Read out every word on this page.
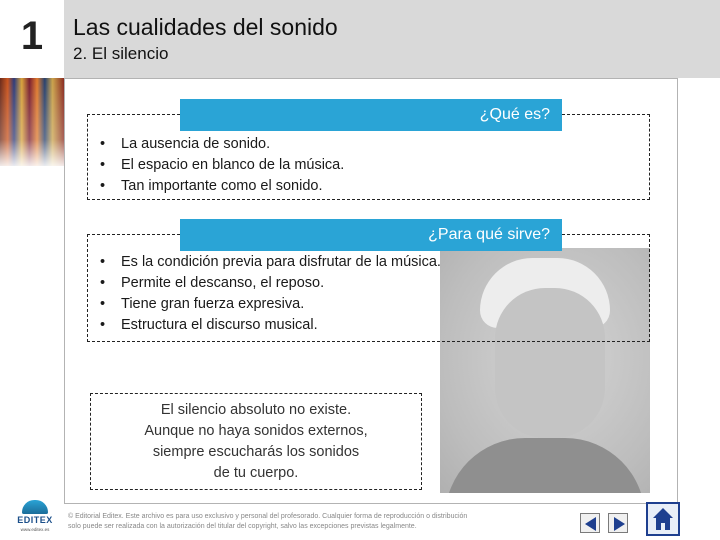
1	Las cualidades del sonido
2. El silencio
¿Qué es?
• La ausencia de sonido.
• El espacio en blanco de la música.
• Tan importante como el sonido.
¿Para qué sirve?
• Es la condición previa para disfrutar de la música.
• Permite el descanso, el reposo.
• Tiene gran fuerza expresiva.
• Estructura el discurso musical.
El silencio absoluto no existe.
Aunque no haya sonidos externos,
siempre escucharás los sonidos
de tu cuerpo.
EDITEX
www.editex.es
© Editorial Editex. Este archivo es para uso exclusivo y personal del profesorado. Cualquier forma de reproducción o distribución
solo puede ser realizada con la autorización del titular del copyright, salvo las excepciones previstas legalmente.
